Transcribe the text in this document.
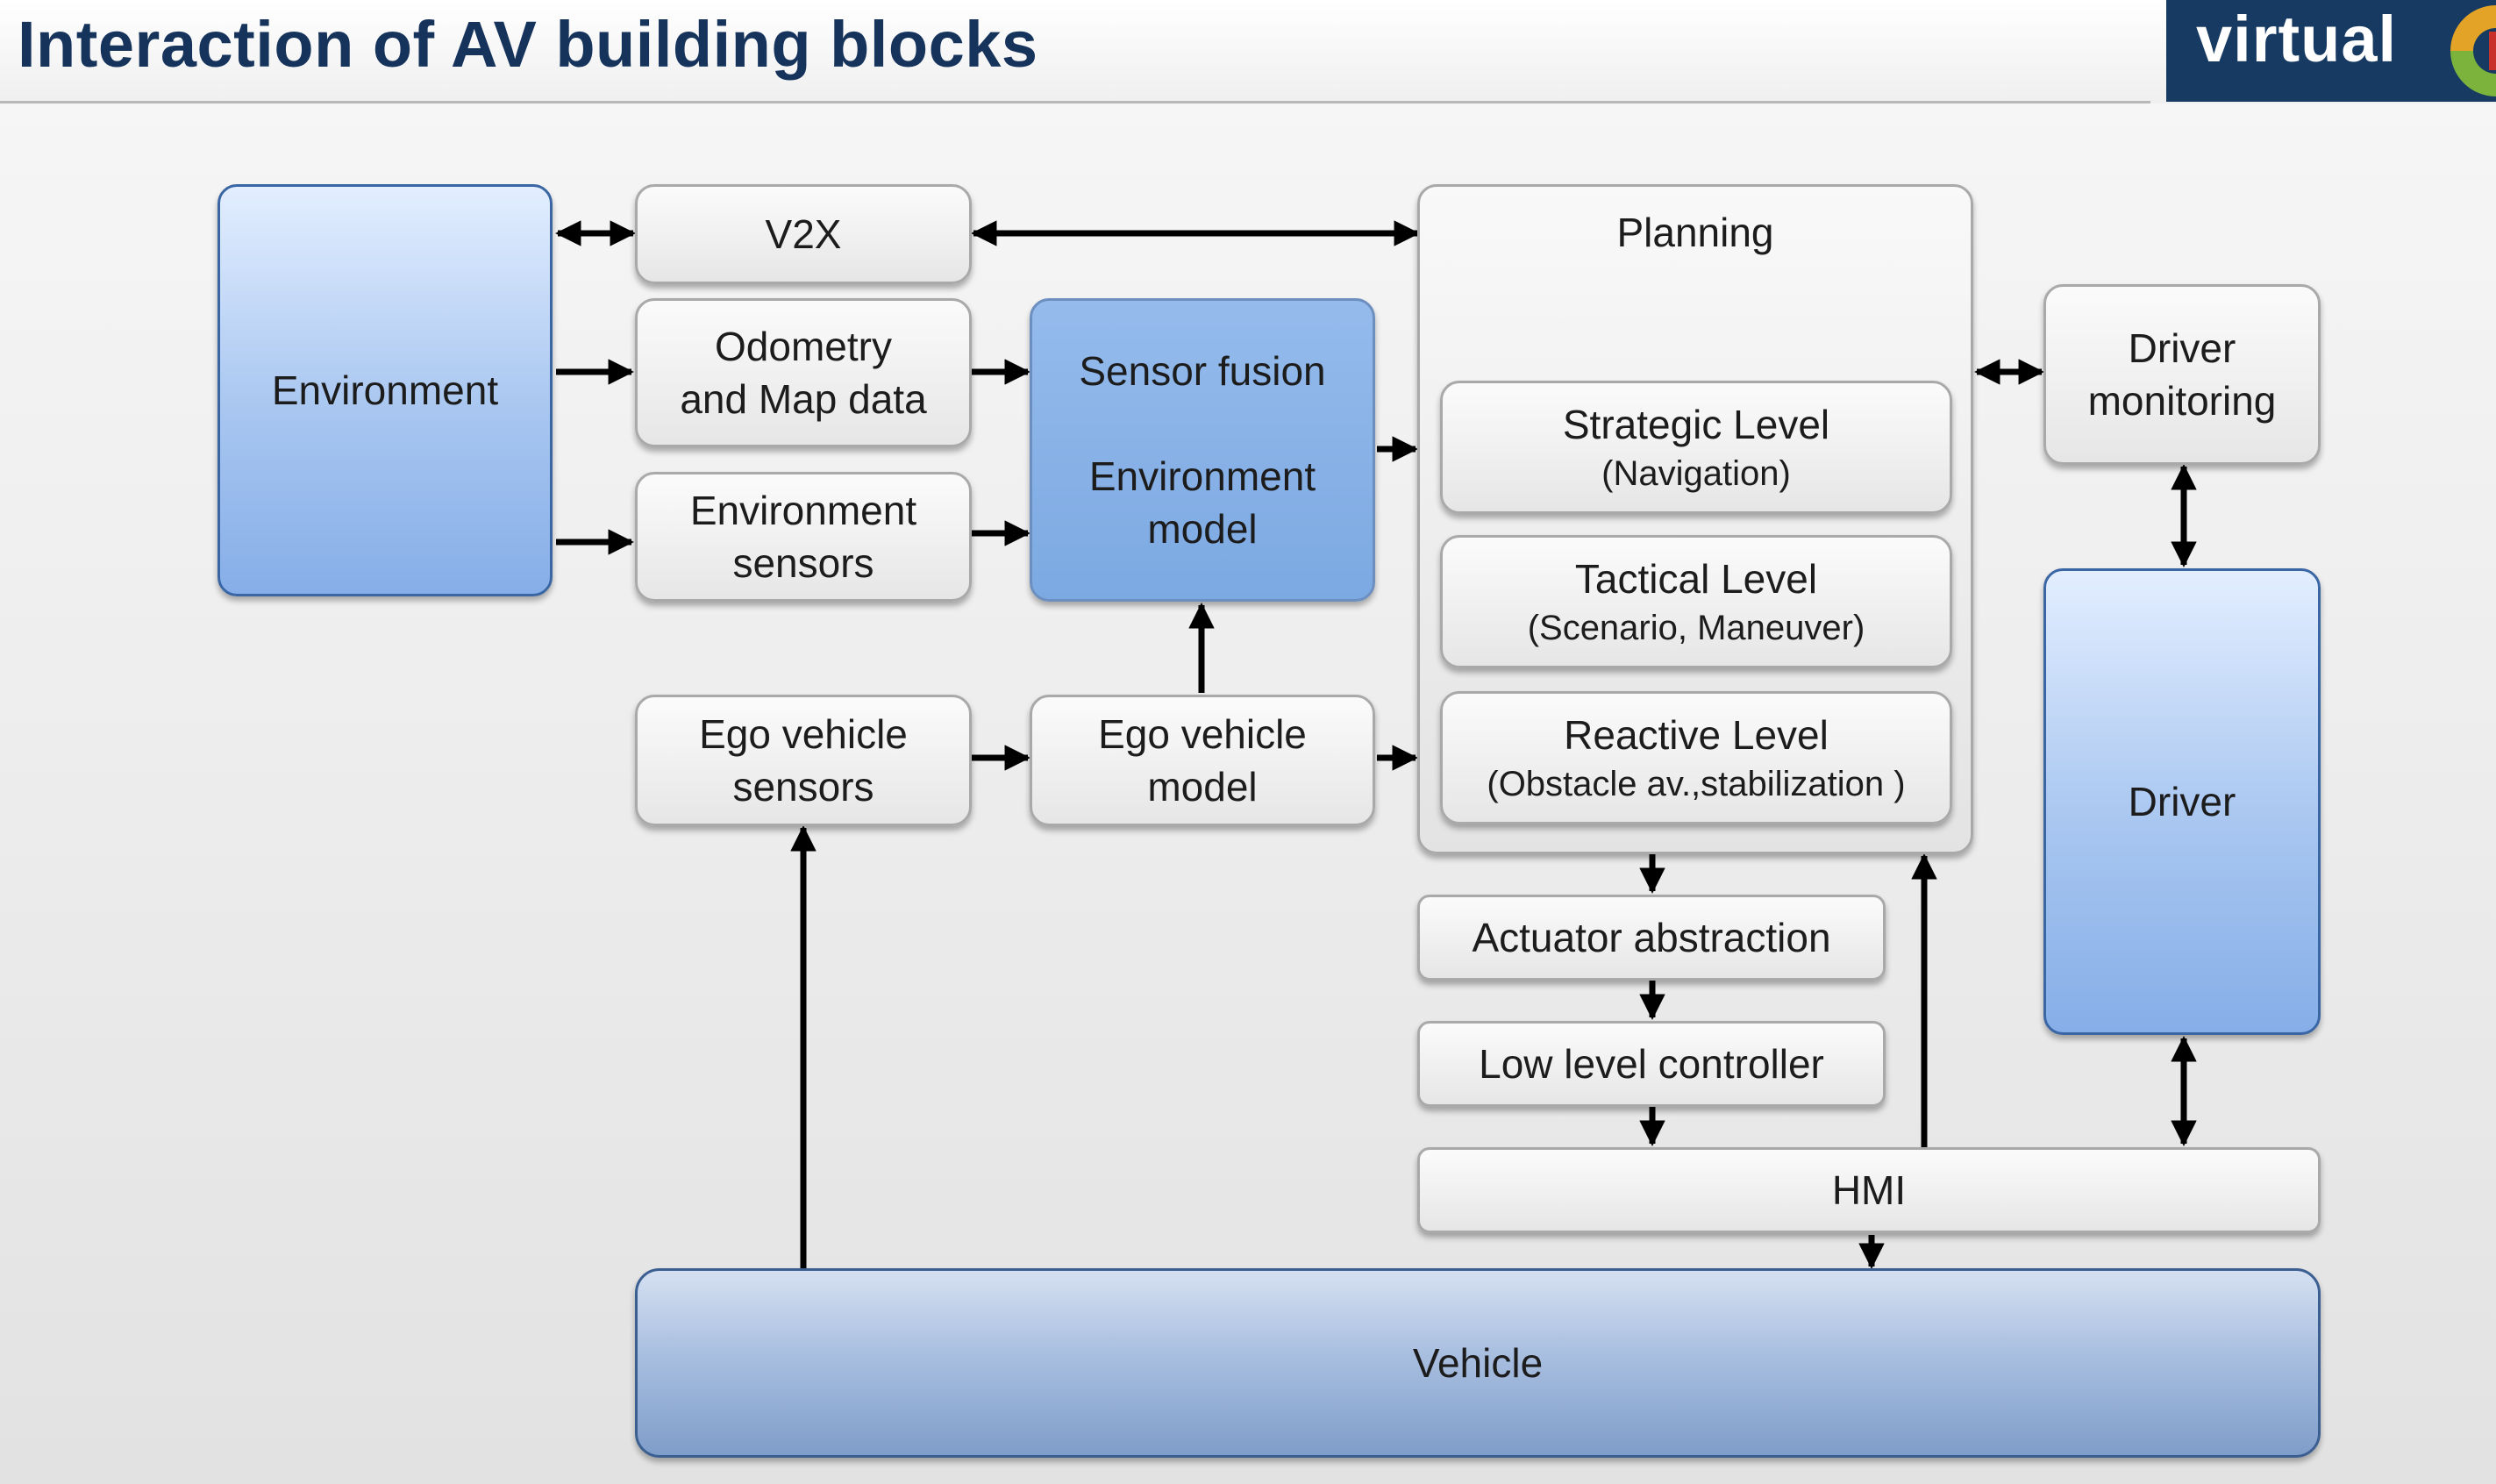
Interaction of AV building blocks	virtual
Environment
V2X
Odometry
and Map data
Environment
sensors
Sensor fusion
Environment
model
Ego vehicle
sensors
Ego vehicle
model
Planning
Strategic Level
(Navigation)
Tactical Level
(Scenario, Maneuver)
Reactive Level
(Obstacle av.,stabilization )
Driver
monitoring
Driver
Actuator abstraction
Low level controller
HMI
Vehicle
